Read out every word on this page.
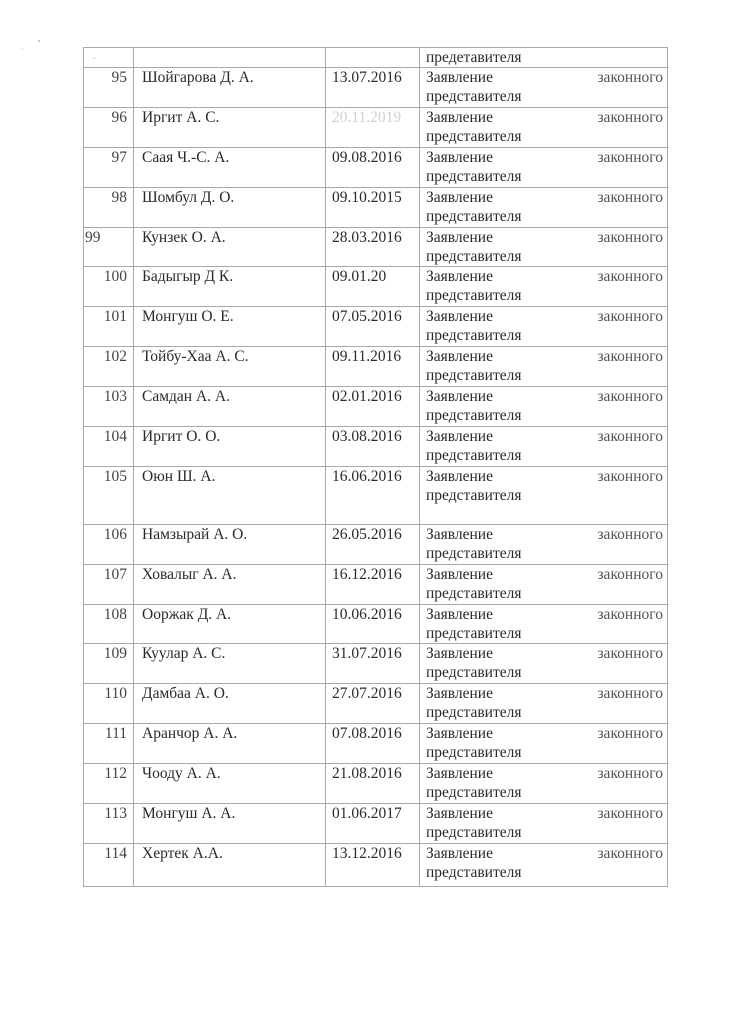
			предетавителя
95	Шойгарова Д. А.	13.07.2016	Заявление законного
представителя

96	Иргит А. С.	20.11.2019	Заявление законного
представителя

97	Саая Ч.-С. А.	09.08.2016	Заявление законного
представителя

98	Шомбул Д. О.	09.10.2015	Заявление законного
представителя

99	Кунзек О. А.	28.03.2016	Заявление законного
представителя

100	Бадыгыр Д К.	09.01.20	Заявление законного
представителя

101	Монгуш О. Е.	07.05.2016	Заявление законного
представителя

102	Тойбу-Хаа А. С.	09.11.2016	Заявление законного
представителя

103	Самдан А. А.	02.01.2016	Заявление законного
представителя

104	Иргит О. О.	03.08.2016	Заявление законного
представителя

105	Оюн Ш. А.	16.06.2016	Заявление законного
представителя

106	Намзырай А. О.	26.05.2016	Заявление законного
представителя

107	Ховалыг А. А.	16.12.2016	Заявление законного
представителя

108	Ооржак Д. А.	10.06.2016	Заявление законного
представителя

109	Куулар А. С.	31.07.2016	Заявление законного
представителя

110	Дамбаа А. О.	27.07.2016	Заявление законного
представителя

111	Аранчор А. А.	07.08.2016	Заявление законного
представителя

112	Чооду А. А.	21.08.2016	Заявление законного
представителя

113	Монгуш А. А.	01.06.2017	Заявление законного
представителя

114	Хертек А.А.	13.12.2016	Заявление законного
представителя
